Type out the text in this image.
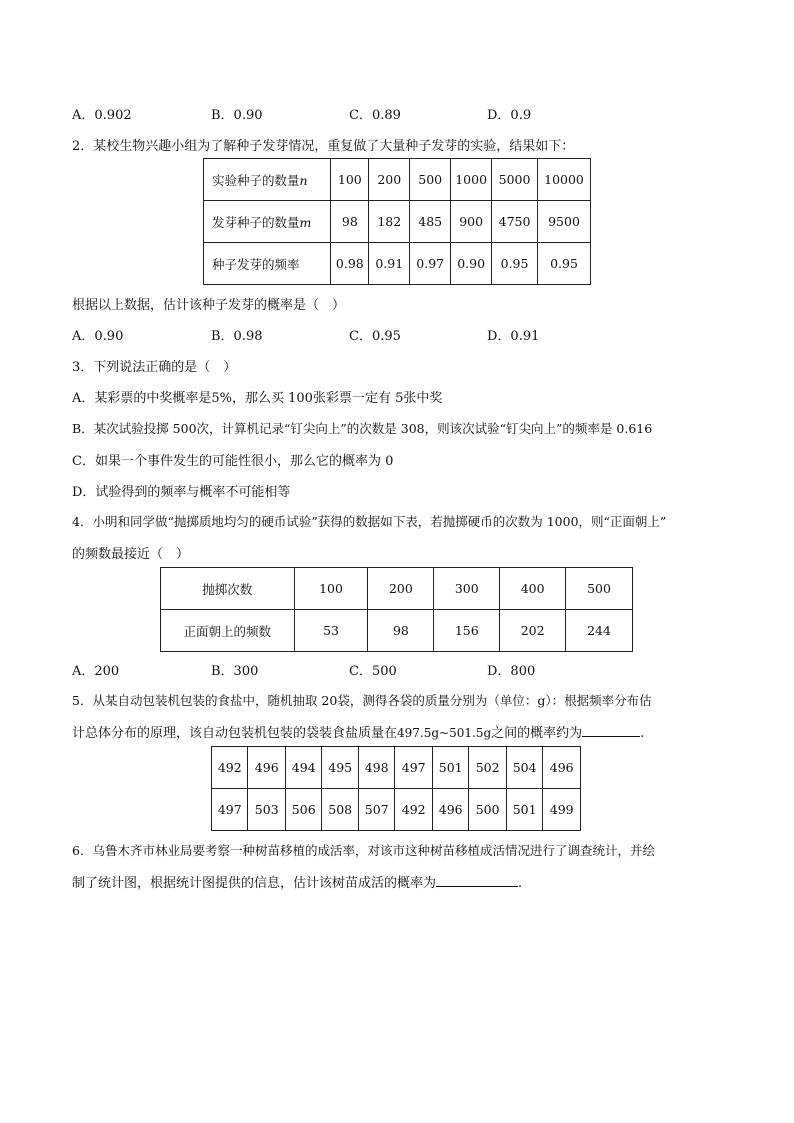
A．0.902	B．0.90	C．0.89	D．0.9
2．某校生物兴趣小组为了解种子发芽情况，重复做了大量种子发芽的实验，结果如下：
实验种子的数量n	100	200	500	1000	5000	10000
发芽种子的数量m	98	182	485	900	4750	9500
种子发芽的频率	0.98	0.91	0.97	0.90	0.95	0.95
根据以上数据，估计该种子发芽的概率是（　）
A．0.90	B．0.98	C．0.95	D．0.91
3．下列说法正确的是（　）
A．某彩票的中奖概率是5%，那么买 100张彩票一定有 5张中奖
B．某次试验投掷 500次，计算机记录“钉尖向上”的次数是 308，则该次试验“钉尖向上”的频率是 0.616
C．如果一个事件发生的可能性很小，那么它的概率为 0
D．试验得到的频率与概率不可能相等
4．小明和同学做“抛掷质地均匀的硬币试验”获得的数据如下表，若抛掷硬币的次数为 1000，则“正面朝上”
的频数最接近（　）
抛掷次数	100	200	300	400	500
正面朝上的频数	53	98	156	202	244
A．200	B．300	C．500	D．800
5．从某自动包装机包装的食盐中，随机抽取 20袋，测得各袋的质量分别为（单位：g）：根据频率分布估
计总体分布的原理，该自动包装机包装的袋装食盐质量在497.5g~501.5g之间的概率约为	.
492	496	494	495	498	497	501	502	504	496
497	503	506	508	507	492	496	500	501	499
6．乌鲁木齐市林业局要考察一种树苗移植的成活率，对该市这种树苗移植成活情况进行了调查统计，并绘
制了统计图，根据统计图提供的信息，估计该树苗成活的概率为	.
